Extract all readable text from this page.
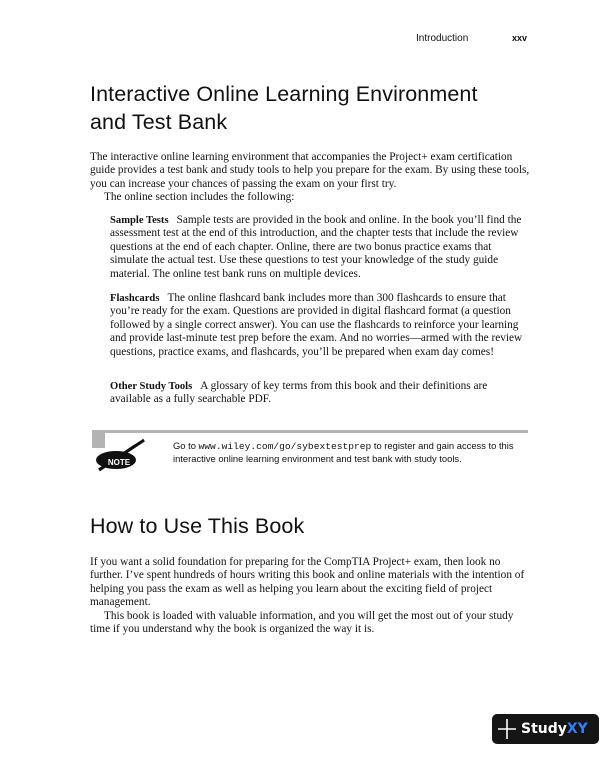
Introduction	xxv
Interactive Online Learning Environment and Test Bank

The interactive online learning environment that accompanies the Project+ exam certification guide provides a test bank and study tools to help you prepare for the exam. By using these tools, you can increase your chances of passing the exam on your first try.

The online section includes the following:

Sample Tests Sample tests are provided in the book and online. In the book you’ll find the assessment test at the end of this introduction, and the chapter tests that include the review questions at the end of each chapter. Online, there are two bonus practice exams that simulate the actual test. Use these questions to test your knowledge of the study guide material. The online test bank runs on multiple devices.

Flashcards The online flashcard bank includes more than 300 flashcards to ensure that you’re ready for the exam. Questions are provided in digital flashcard format (a question followed by a single correct answer). You can use the flashcards to reinforce your learning and provide last-minute test prep before the exam. And no worries—armed with the review questions, practice exams, and flashcards, you’ll be prepared when exam day comes!

Other Study Tools A glossary of key terms from this book and their definitions are available as a fully searchable PDF.

NOTE

Go to www.wiley.com/go/sybextestprep to register and gain access to this interactive online learning environment and test bank with study tools.

How to Use This Book

If you want a solid foundation for preparing for the CompTIA Project+ exam, then look no further. I’ve spent hundreds of hours writing this book and online materials with the intention of helping you pass the exam as well as helping you learn about the exciting field of project management.

This book is loaded with valuable information, and you will get the most out of your study time if you understand why the book is organized the way it is.

StudyXY
